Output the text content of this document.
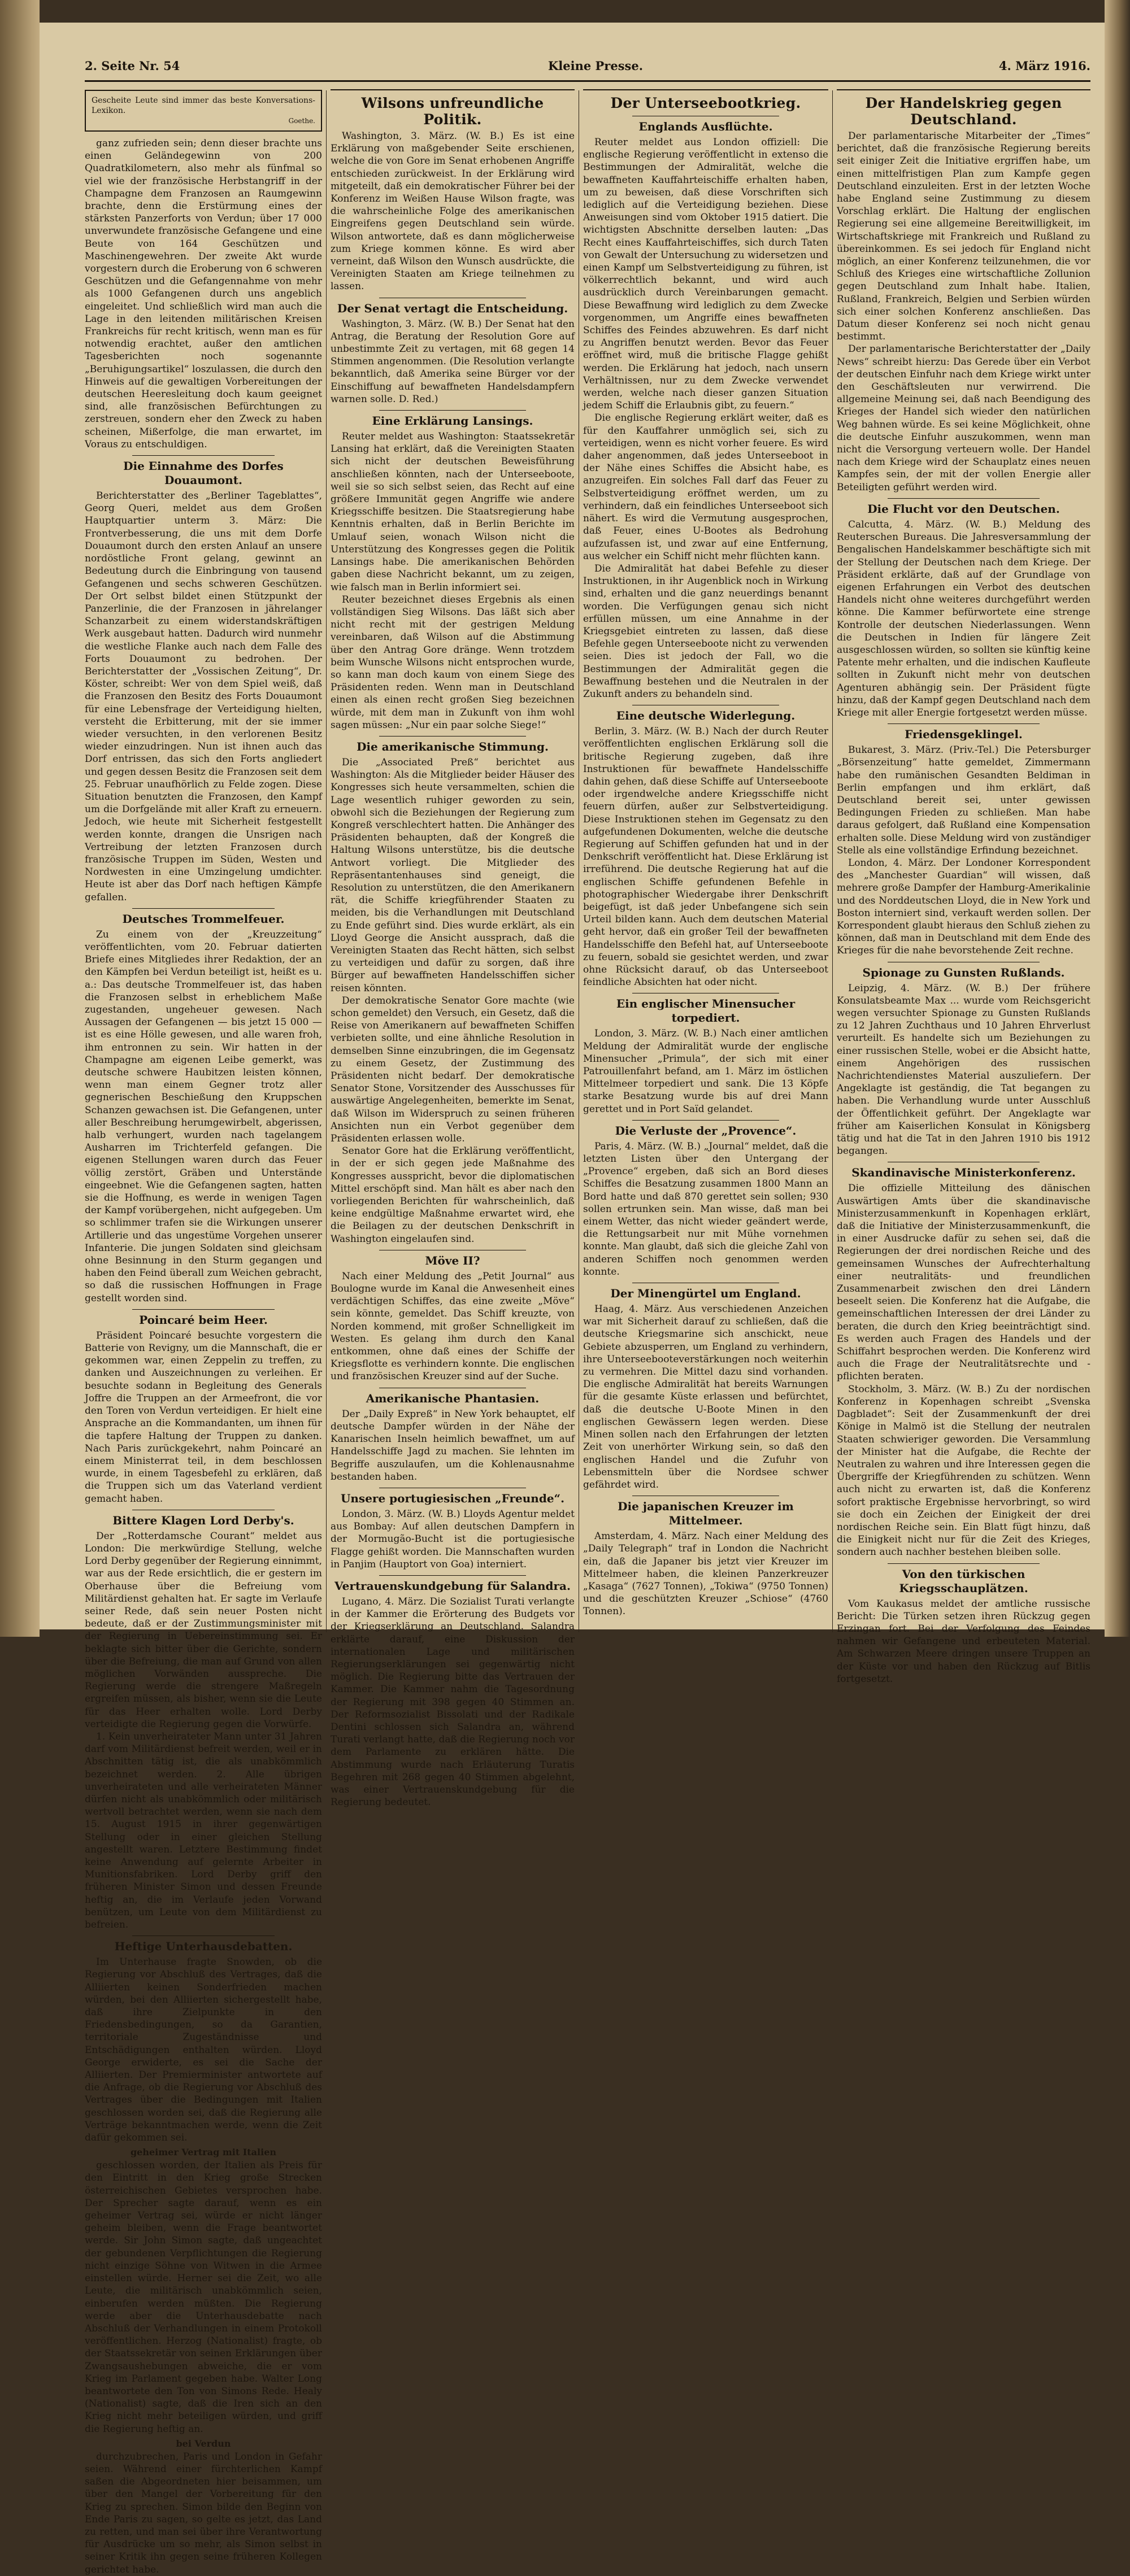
2. Seite Nr. 54	Kleine Presse.	4. März 1916.
Gescheite Leute sind immer das beste Konversations-Lexikon.
Goethe.

ganz zufrieden sein; denn dieser brachte uns einen Geländegewinn von 200 Quadratkilometern, also mehr als fünfmal so viel wie der französische Herbstangriff in der Champagne dem Franzosen an Raumgewinn brachte, denn die Erstürmung eines der stärksten Panzerforts von Verdun; über 17 000 unverwundete französische Gefangene und eine Beute von 164 Geschützen und Maschinengewehren. Der zweite Akt wurde vorgestern durch die Eroberung von 6 schweren Geschützen und die Gefangennahme von mehr als 1000 Gefangenen durch uns angeblich eingeleitet. Und schließlich wird man auch die Lage in den leitenden militärischen Kreisen Frankreichs für recht kritisch, wenn man es für notwendig erachtet, außer den amtlichen Tagesberichten noch sogenannte „Beruhigungsartikel“ loszulassen, die durch den Hinweis auf die gewaltigen Vorbereitungen der deutschen Heeresleitung doch kaum geeignet sind, alle französischen Befürchtungen zu zerstreuen, sondern eher den Zweck zu haben scheinen, Mißerfolge, die man erwartet, im Voraus zu entschuldigen.

Die Einnahme des Dorfes Douaumont.

Berichterstatter des „Berliner Tageblattes“, Georg Queri, meldet aus dem Großen Hauptquartier unterm 3. März: Die Frontverbesserung, die uns mit dem Dorfe Douaumont durch den ersten Anlauf an unsere nordöstliche Front gelang, gewinnt an Bedeutung durch die Einbringung von tausend Gefangenen und sechs schweren Geschützen. Der Ort selbst bildet einen Stützpunkt der Panzerlinie, die der Franzosen in jährelanger Schanzarbeit zu einem widerstandskräftigen Werk ausgebaut hatten. Dadurch wird nunmehr die westliche Flanke auch nach dem Falle des Forts Douaumont zu bedrohen. Der Berichterstatter der „Vossischen Zeitung“, Dr. Köster, schreibt: Wer von dem Spiel weiß, daß die Franzosen den Besitz des Forts Douaumont für eine Lebensfrage der Verteidigung hielten, versteht die Erbitterung, mit der sie immer wieder versuchten, in den verlorenen Besitz wieder einzudringen. Nun ist ihnen auch das Dorf entrissen, das sich den Forts angliedert und gegen dessen Besitz die Franzosen seit dem 25. Februar unaufhörlich zu Felde zogen. Diese Situation benutzten die Franzosen, den Kampf um die Dorfgelände mit aller Kraft zu erneuern. Jedoch, wie heute mit Sicherheit festgestellt werden konnte, drangen die Unsrigen nach Vertreibung der letzten Franzosen durch französische Truppen im Süden, Westen und Nordwesten in eine Umzingelung umdichter. Heute ist aber das Dorf nach heftigen Kämpfe gefallen.

Deutsches Trommelfeuer.

Zu einem von der „Kreuzzeitung“ veröffentlichten, vom 20. Februar datierten Briefe eines Mitgliedes ihrer Redaktion, der an den Kämpfen bei Verdun beteiligt ist, heißt es u. a.: Das deutsche Trommelfeuer ist, das haben die Franzosen selbst in erheblichem Maße zugestanden, ungeheuer gewesen. Nach Aussagen der Gefangenen — bis jetzt 15 000 — ist es eine Hölle gewesen, und alle waren froh, ihm entronnen zu sein. Wir hatten in der Champagne am eigenen Leibe gemerkt, was deutsche schwere Haubitzen leisten können, wenn man einem Gegner trotz aller gegnerischen Beschießung den Kruppschen Schanzen gewachsen ist. Die Gefangenen, unter aller Beschreibung herumgewirbelt, abgerissen, halb verhungert, wurden nach tagelangem Ausharren im Trichterfeld gefangen. Die eigenen Stellungen waren durch das Feuer völlig zerstört, Gräben und Unterstände eingeebnet. Wie die Gefangenen sagten, hatten sie die Hoffnung, es werde in wenigen Tagen der Kampf vorübergehen, nicht aufgegeben. Um so schlimmer trafen sie die Wirkungen unserer Artillerie und das ungestüme Vorgehen unserer Infanterie. Die jungen Soldaten sind gleichsam ohne Besinnung in den Sturm gegangen und haben den Feind überall zum Weichen gebracht, so daß die russischen Hoffnungen in Frage gestellt worden sind.

Poincaré beim Heer.

Präsident Poincaré besuchte vorgestern die Batterie von Revigny, um die Mannschaft, die er gekommen war, einen Zeppelin zu treffen, zu danken und Auszeichnungen zu verleihen. Er besuchte sodann in Begleitung des Generals Joffre die Truppen an der Armeefront, die vor den Toren von Verdun verteidigen. Er hielt eine Ansprache an die Kommandanten, um ihnen für die tapfere Haltung der Truppen zu danken. Nach Paris zurückgekehrt, nahm Poincaré an einem Ministerrat teil, in dem beschlossen wurde, in einem Tagesbefehl zu erklären, daß die Truppen sich um das Vaterland verdient gemacht haben.

Bittere Klagen Lord Derby's.

Der „Rotterdamsche Courant“ meldet aus London: Die merkwürdige Stellung, welche Lord Derby gegenüber der Regierung einnimmt, war aus der Rede ersichtlich, die er gestern im Oberhause über die Befreiung vom Militärdienst gehalten hat. Er sagte im Verlaufe seiner Rede, daß sein neuer Posten nicht bedeute, daß er der Zustimmungsminister mit der Regierung in Uebereinstimmung sei. Er beklagte sich bitter über die Gerichte, sondern über die Befreiung, die man auf Grund von allen möglichen Vorwänden ausspreche. Die Regierung werde die strengere Maßregeln ergreifen müssen, als bisher, wenn sie die Leute für das Heer erhalten wolle. Lord Derby verteidigte die Regierung gegen die Vorwürfe.

1. Kein unverheirateter Mann unter 31 Jahren darf vom Militärdienst befreit werden, weil er in Abschnitten tätig ist, die als unabkömmlich bezeichnet werden. 2. Alle übrigen unverheirateten und alle verheirateten Männer dürfen nicht als unabkömmlich oder militärisch wertvoll betrachtet werden, wenn sie nach dem 15. August 1915 in ihrer gegenwärtigen Stellung oder in einer gleichen Stellung angestellt waren. Letztere Bestimmung findet keine Anwendung auf gelernte Arbeiter in Munitionsfabriken. Lord Derby griff den früheren Minister Simon und dessen Freunde heftig an, die im Verlaufe jeden Vorwand benützen, um Leute von dem Militärdienst zu befreien.

Heftige Unterhausdebatten.

Im Unterhause fragte Snowden, ob die Regierung vor Abschluß des Vertrages, daß die Alliierten keinen Sonderfrieden machen würden, bei den Alliierten sichergestellt habe, daß ihre Zielpunkte in den Friedensbedingungen, so da Garantien, territoriale Zugeständnisse und Entschädigungen enthalten würden. Lloyd George erwiderte, es sei die Sache der Alliierten. Der Premierminister antwortete auf die Anfrage, ob die Regierung vor Abschluß des Vertrages über die Bedingungen mit Italien geschlossen worden sei, daß die Regierung alle Verträge bekanntmachen werde, wenn die Zeit dafür gekommen sei.

geheimer Vertrag mit Italien

geschlossen worden, der Italien als Preis für den Eintritt in den Krieg große Strecken österreichischen Gebietes versprochen habe. Der Sprecher sagte darauf, wenn es ein geheimer Vertrag sei, würde er nicht länger geheim bleiben, wenn die Frage beantwortet werde. Sir John Simon sagte, daß ungeachtet der gebundenen Verpflichtungen die Regierung nicht einzige Söhne von Witwen in die Armee einstellen würde. Herner sei die Zeit, wo alle Leute, die militärisch unabkömmlich seien, einberufen werden müßten. Die Regierung werde aber die Unterhausdebatte nach Abschluß der Verhandlungen in einem Protokoll veröffentlichen. Herzog (Nationalist) fragte, ob der Staatssekretär von seinen Erklärungen über Zwangsaushebungen abweiche, die er vom Krieg im Parlament gegeben habe. Walter Long beantwortete den Ton von Simons Rede. Healy (Nationalist) sagte, daß die Iren sich an den Krieg nicht mehr beteiligen würden, und griff die Regierung heftig an.

bei Verdun

durchzubrechen, Paris und London in Gefahr seien. Während einer fürchterlichen Kampf saßen die Abgeordneten hier beisammen, um über den Mangel der Vorbereitung für den Krieg zu sprechen. Simon bilde den Beginn von Ende Paris zu sagen, so gelte es jetzt, das Land zu retten, und man sei über ihre Verantwortung für Ausdrücke um so mehr, als Simon selbst in seiner Kritik ihn gegen seine früheren Kollegen gerichtet habe.

Wilsons unfreundliche Politik.

Washington, 3. März. (W. B.) Es ist eine Erklärung von maßgebender Seite erschienen, welche die von Gore im Senat erhobenen Angriffe entschieden zurückweist. In der Erklärung wird mitgeteilt, daß ein demokratischer Führer bei der Konferenz im Weißen Hause Wilson fragte, was die wahrscheinliche Folge des amerikanischen Eingreifens gegen Deutschland sein würde. Wilson antwortete, daß es dann möglicherweise zum Kriege kommen könne. Es wird aber verneint, daß Wilson den Wunsch ausdrückte, die Vereinigten Staaten am Kriege teilnehmen zu lassen.

Der Senat vertagt die Entscheidung.

Washington, 3. März. (W. B.) Der Senat hat den Antrag, die Beratung der Resolution Gore auf unbestimmte Zeit zu vertagen, mit 68 gegen 14 Stimmen angenommen. (Die Resolution verlangte bekanntlich, daß Amerika seine Bürger vor der Einschiffung auf bewaffneten Handelsdampfern warnen solle. D. Red.)

Eine Erklärung Lansings.

Reuter meldet aus Washington: Staatssekretär Lansing hat erklärt, daß die Vereinigten Staaten sich nicht der deutschen Beweisführung anschließen könnten, nach der Unterseeboote, weil sie so sich selbst seien, das Recht auf eine größere Immunität gegen Angriffe wie andere Kriegsschiffe besitzen. Die Staatsregierung habe Kenntnis erhalten, daß in Berlin Berichte im Umlauf seien, wonach Wilson nicht die Unterstützung des Kongresses gegen die Politik Lansings habe. Die amerikanischen Behörden gaben diese Nachricht bekannt, um zu zeigen, wie falsch man in Berlin informiert sei.

Reuter bezeichnet dieses Ergebnis als einen vollständigen Sieg Wilsons. Das läßt sich aber nicht recht mit der gestrigen Meldung vereinbaren, daß Wilson auf die Abstimmung über den Antrag Gore dränge. Wenn trotzdem beim Wunsche Wilsons nicht entsprochen wurde, so kann man doch kaum von einem Siege des Präsidenten reden. Wenn man in Deutschland einen als einen recht großen Sieg bezeichnen würde, mit dem man in Zukunft von ihm wohl sagen müssen: „Nur ein paar solche Siege!“

Die amerikanische Stimmung.

Die „Associated Preß“ berichtet aus Washington: Als die Mitglieder beider Häuser des Kongresses sich heute versammelten, schien die Lage wesentlich ruhiger geworden zu sein, obwohl sich die Beziehungen der Regierung zum Kongreß verschlechtert hatten. Die Anhänger des Präsidenten behaupten, daß der Kongreß die Haltung Wilsons unterstütze, bis die deutsche Antwort vorliegt. Die Mitglieder des Repräsentantenhauses sind geneigt, die Resolution zu unterstützen, die den Amerikanern rät, die Schiffe kriegführender Staaten zu meiden, bis die Verhandlungen mit Deutschland zu Ende geführt sind. Dies wurde erklärt, als ein Lloyd George die Ansicht aussprach, daß die Vereinigten Staaten das Recht hätten, sich selbst zu verteidigen und dafür zu sorgen, daß ihre Bürger auf bewaffneten Handelsschiffen sicher reisen könnten.

Der demokratische Senator Gore machte (wie schon gemeldet) den Versuch, ein Gesetz, daß die Reise von Amerikanern auf bewaffneten Schiffen verbieten sollte, und eine ähnliche Resolution in demselben Sinne einzubringen, die im Gegensatz zu einem Gesetz, der Zustimmung des Präsidenten nicht bedarf. Der demokratische Senator Stone, Vorsitzender des Ausschusses für auswärtige Angelegenheiten, bemerkte im Senat, daß Wilson im Widerspruch zu seinen früheren Ansichten nun ein Verbot gegenüber dem Präsidenten erlassen wolle.

Senator Gore hat die Erklärung veröffentlicht, in der er sich gegen jede Maßnahme des Kongresses ausspricht, bevor die diplomatischen Mittel erschöpft sind. Man hält es aber nach den vorliegenden Berichten für wahrscheinlich, daß keine endgültige Maßnahme erwartet wird, ehe die Beilagen zu der deutschen Denkschrift in Washington eingelaufen sind.

Möve II?

Nach einer Meldung des „Petit Journal“ aus Boulogne wurde im Kanal die Anwesenheit eines verdächtigen Schiffes, das eine zweite „Möve“ sein könnte, gemeldet. Das Schiff kreuzte, von Norden kommend, mit großer Schnelligkeit im Westen. Es gelang ihm durch den Kanal entkommen, ohne daß eines der Schiffe der Kriegsflotte es verhindern konnte. Die englischen und französischen Kreuzer sind auf der Suche.

Amerikanische Phantasien.

Der „Daily Expreß“ in New York behauptet, elf deutsche Dampfer würden in der Nähe der Kanarischen Inseln heimlich bewaffnet, um auf Handelsschiffe Jagd zu machen. Sie lehnten im Begriffe auszulaufen, um die Kohlenausnahme bestanden haben.

Unsere portugiesischen „Freunde“.

London, 3. März. (W. B.) Lloyds Agentur meldet aus Bombay: Auf allen deutschen Dampfern in der Mormugão-Bucht ist die portugiesische Flagge gehißt worden. Die Mannschaften wurden in Panjim (Hauptort von Goa) interniert.

Vertrauenskundgebung für Salandra.

Lugano, 4. März. Die Sozialist Turati verlangte in der Kammer die Erörterung des Budgets vor der Kriegserklärung an Deutschland. Salandra erklärte darauf, eine Diskussion der internationalen Lage und militärischen Regierungserklärungen sei gegenwärtig nicht möglich. Die Regierung bitte das Vertrauen der Kammer. Die Kammer nahm die Tagesordnung der Regierung mit 398 gegen 40 Stimmen an. Der Reformsozialist Bissolati und der Radikale Dentini schlossen sich Salandra an, während Turati verlangt hatte, daß die Regierung noch vor dem Parlamente zu erklären hätte. Die Abstimmung wurde nach Erläuterung Turatis Begehren mit 268 gegen 40 Stimmen abgelehnt, was einer Vertrauenskundgebung für die Regierung bedeutet.

Der Unterseebootkrieg.
Englands Ausflüchte.

Reuter meldet aus London offiziell: Die englische Regierung veröffentlicht in extenso die Bestimmungen der Admiralität, welche die bewaffneten Kauffahrteischiffe erhalten haben, um zu beweisen, daß diese Vorschriften sich lediglich auf die Verteidigung beziehen. Diese Anweisungen sind vom Oktober 1915 datiert. Die wichtigsten Abschnitte derselben lauten: „Das Recht eines Kauffahrteischiffes, sich durch Taten von Gewalt der Untersuchung zu widersetzen und einen Kampf um Selbstverteidigung zu führen, ist völkerrechtlich bekannt, und wird auch ausdrücklich durch Vereinbarungen gemacht. Diese Bewaffnung wird lediglich zu dem Zwecke vorgenommen, um Angriffe eines bewaffneten Schiffes des Feindes abzuwehren. Es darf nicht zu Angriffen benutzt werden. Bevor das Feuer eröffnet wird, muß die britische Flagge gehißt werden. Die Erklärung hat jedoch, nach unsern Verhältnissen, nur zu dem Zwecke verwendet werden, welche nach dieser ganzen Situation jedem Schiff die Erlaubnis gibt, zu feuern.“

Die englische Regierung erklärt weiter, daß es für den Kauffahrer unmöglich sei, sich zu verteidigen, wenn es nicht vorher feuere. Es wird daher angenommen, daß jedes Unterseeboot in der Nähe eines Schiffes die Absicht habe, es anzugreifen. Ein solches Fall darf das Feuer zu Selbstverteidigung eröffnet werden, um zu verhindern, daß ein feindliches Unterseeboot sich nähert. Es wird die Vermutung ausgesprochen, daß Feuer, eines U-Bootes als Bedrohung aufzufassen ist, und zwar auf eine Entfernung, aus welcher ein Schiff nicht mehr flüchten kann.

Die Admiralität hat dabei Befehle zu dieser Instruktionen, in ihr Augenblick noch in Wirkung sind, erhalten und die ganz neuerdings benannt worden. Die Verfügungen genau sich nicht erfüllen müssen, um eine Annahme in der Kriegsgebiet eintreten zu lassen, daß diese Befehle gegen Unterseeboote nicht zu verwenden seien. Dies ist jedoch der Fall, wo die Bestimmungen der Admiralität gegen die Bewaffnung bestehen und die Neutralen in der Zukunft anders zu behandeln sind.

Eine deutsche Widerlegung.

Berlin, 3. März. (W. B.) Nach der durch Reuter veröffentlichten englischen Erklärung soll die britische Regierung zugeben, daß ihre Instruktionen für bewaffnete Handelsschiffe dahin gehen, daß diese Schiffe auf Unterseeboote oder irgendwelche andere Kriegsschiffe nicht feuern dürfen, außer zur Selbstverteidigung. Diese Instruktionen stehen im Gegensatz zu den aufgefundenen Dokumenten, welche die deutsche Regierung auf Schiffen gefunden hat und in der Denkschrift veröffentlicht hat. Diese Erklärung ist irreführend. Die deutsche Regierung hat auf die englischen Schiffe gefundenen Befehle in photographischer Wiedergabe ihrer Denkschrift beigefügt, ist daß jeder Unbefangene sich sein Urteil bilden kann. Auch dem deutschen Material geht hervor, daß ein großer Teil der bewaffneten Handelsschiffe den Befehl hat, auf Unterseeboote zu feuern, sobald sie gesichtet werden, und zwar ohne Rücksicht darauf, ob das Unterseeboot feindliche Absichten hat oder nicht.

Ein englischer Minensucher torpediert.

London, 3. März. (W. B.) Nach einer amtlichen Meldung der Admiralität wurde der englische Minensucher „Primula“, der sich mit einer Patrouillenfahrt befand, am 1. März im östlichen Mittelmeer torpediert und sank. Die 13 Köpfe starke Besatzung wurde bis auf drei Mann gerettet und in Port Saïd gelandet.

Die Verluste der „Provence“.

Paris, 4. März. (W. B.) „Journal“ meldet, daß die letzten Listen über den Untergang der „Provence“ ergeben, daß sich an Bord dieses Schiffes die Besatzung zusammen 1800 Mann an Bord hatte und daß 870 gerettet sein sollen; 930 sollen ertrunken sein. Man wisse, daß man bei einem Wetter, das nicht wieder geändert werde, die Rettungsarbeit nur mit Mühe vornehmen konnte. Man glaubt, daß sich die gleiche Zahl von anderen Schiffen noch genommen werden konnte.

Der Minengürtel um England.

Haag, 4. März. Aus verschiedenen Anzeichen war mit Sicherheit darauf zu schließen, daß die deutsche Kriegsmarine sich anschickt, neue Gebiete abzusperren, um England zu verhindern, ihre Unterseebooteverstärkungen noch weiterhin zu vermehren. Die Mittel dazu sind vorhanden. Die englische Admiralität hat bereits Warnungen für die gesamte Küste erlassen und befürchtet, daß die deutsche U-Boote Minen in den englischen Gewässern legen werden. Diese Minen sollen nach den Erfahrungen der letzten Zeit von unerhörter Wirkung sein, so daß den englischen Handel und die Zufuhr von Lebensmitteln über die Nordsee schwer gefährdet wird.

Die japanischen Kreuzer im Mittelmeer.

Amsterdam, 4. März. Nach einer Meldung des „Daily Telegraph“ traf in London die Nachricht ein, daß die Japaner bis jetzt vier Kreuzer im Mittelmeer haben, die kleinen Panzerkreuzer „Kasaga“ (7627 Tonnen), „Tokiwa“ (9750 Tonnen) und die geschützten Kreuzer „Schiose“ (4760 Tonnen).

Der Handelskrieg gegen Deutschland.

Der parlamentarische Mitarbeiter der „Times“ berichtet, daß die französische Regierung bereits seit einiger Zeit die Initiative ergriffen habe, um einen mittelfristigen Plan zum Kampfe gegen Deutschland einzuleiten. Erst in der letzten Woche habe England seine Zustimmung zu diesem Vorschlag erklärt. Die Haltung der englischen Regierung sei eine allgemeine Bereitwilligkeit, im Wirtschaftskriege mit Frankreich und Rußland zu übereinkommen. Es sei jedoch für England nicht möglich, an einer Konferenz teilzunehmen, die vor Schluß des Krieges eine wirtschaftliche Zollunion gegen Deutschland zum Inhalt habe. Italien, Rußland, Frankreich, Belgien und Serbien würden sich einer solchen Konferenz anschließen. Das Datum dieser Konferenz sei noch nicht genau bestimmt.

Der parlamentarische Berichterstatter der „Daily News“ schreibt hierzu: Das Gerede über ein Verbot der deutschen Einfuhr nach dem Kriege wirkt unter den Geschäftsleuten nur verwirrend. Die allgemeine Meinung sei, daß nach Beendigung des Krieges der Handel sich wieder den natürlichen Weg bahnen würde. Es sei keine Möglichkeit, ohne die deutsche Einfuhr auszukommen, wenn man nicht die Versorgung verteuern wolle. Der Handel nach dem Kriege wird der Schauplatz eines neuen Kampfes sein, der mit der vollen Energie aller Beteiligten geführt werden wird.

Die Flucht vor den Deutschen.

Calcutta, 4. März. (W. B.) Meldung des Reuterschen Bureaus. Die Jahresversammlung der Bengalischen Handelskammer beschäftigte sich mit der Stellung der Deutschen nach dem Kriege. Der Präsident erklärte, daß auf der Grundlage von eigenen Erfahrungen ein Verbot des deutschen Handels nicht ohne weiteres durchgeführt werden könne. Die Kammer befürwortete eine strenge Kontrolle der deutschen Niederlassungen. Wenn die Deutschen in Indien für längere Zeit ausgeschlossen würden, so sollten sie künftig keine Patente mehr erhalten, und die indischen Kaufleute sollten in Zukunft nicht mehr von deutschen Agenturen abhängig sein. Der Präsident fügte hinzu, daß der Kampf gegen Deutschland nach dem Kriege mit aller Energie fortgesetzt werden müsse.

Friedensgeklingel.

Bukarest, 3. März. (Priv.-Tel.) Die Petersburger „Börsenzeitung“ hatte gemeldet, Zimmermann habe den rumänischen Gesandten Beldiman in Berlin empfangen und ihm erklärt, daß Deutschland bereit sei, unter gewissen Bedingungen Frieden zu schließen. Man habe daraus gefolgert, daß Rußland eine Kompensation erhalten solle. Diese Meldung wird von zuständiger Stelle als eine vollständige Erfindung bezeichnet.

London, 4. März. Der Londoner Korrespondent des „Manchester Guardian“ will wissen, daß mehrere große Dampfer der Hamburg-Amerikalinie und des Norddeutschen Lloyd, die in New York und Boston interniert sind, verkauft werden sollen. Der Korrespondent glaubt hieraus den Schluß ziehen zu können, daß man in Deutschland mit dem Ende des Krieges für die nahe bevorstehende Zeit rechne.

Spionage zu Gunsten Rußlands.

Leipzig, 4. März. (W. B.) Der frühere Konsulatsbeamte Max ... wurde vom Reichsgericht wegen versuchter Spionage zu Gunsten Rußlands zu 12 Jahren Zuchthaus und 10 Jahren Ehrverlust verurteilt. Es handelte sich um Beziehungen zu einer russischen Stelle, wobei er die Absicht hatte, einem Angehörigen des russischen Nachrichtendienstes Material auszuliefern. Der Angeklagte ist geständig, die Tat begangen zu haben. Die Verhandlung wurde unter Ausschluß der Öffentlichkeit geführt. Der Angeklagte war früher am Kaiserlichen Konsulat in Königsberg tätig und hat die Tat in den Jahren 1910 bis 1912 begangen.

Skandinavische Ministerkonferenz.

Die offizielle Mitteilung des dänischen Auswärtigen Amts über die skandinavische Ministerzusammenkunft in Kopenhagen erklärt, daß die Initiative der Ministerzusammenkunft, die in einer Ausdrucke dafür zu sehen sei, daß die Regierungen der drei nordischen Reiche und des gemeinsamen Wunsches der Aufrechterhaltung einer neutralitäts- und freundlichen Zusammenarbeit zwischen den drei Ländern beseelt seien. Die Konferenz hat die Aufgabe, die gemeinschaftlichen Interessen der drei Länder zu beraten, die durch den Krieg beeinträchtigt sind. Es werden auch Fragen des Handels und der Schiffahrt besprochen werden. Die Konferenz wird auch die Frage der Neutralitätsrechte und -pflichten beraten.

Stockholm, 3. März. (W. B.) Zu der nordischen Konferenz in Kopenhagen schreibt „Svenska Dagbladet“: Seit der Zusammenkunft der drei Könige in Malmö ist die Stellung der neutralen Staaten schwieriger geworden. Die Versammlung der Minister hat die Aufgabe, die Rechte der Neutralen zu wahren und ihre Interessen gegen die Übergriffe der Kriegführenden zu schützen. Wenn auch nicht zu erwarten ist, daß die Konferenz sofort praktische Ergebnisse hervorbringt, so wird sie doch ein Zeichen der Einigkeit der drei nordischen Reiche sein. Ein Blatt fügt hinzu, daß die Einigkeit nicht nur für die Zeit des Krieges, sondern auch nachher bestehen bleiben solle.

Von den türkischen Kriegsschauplätzen.

Vom Kaukasus meldet der amtliche russische Bericht: Die Türken setzen ihren Rückzug gegen Erzingan fort. Bei der Verfolgung des Feindes nahmen wir Gefangene und erbeuteten Material. Am Schwarzen Meere dringen unsere Truppen an der Küste vor und haben den Rückzug auf Bitlis fortgesetzt.
